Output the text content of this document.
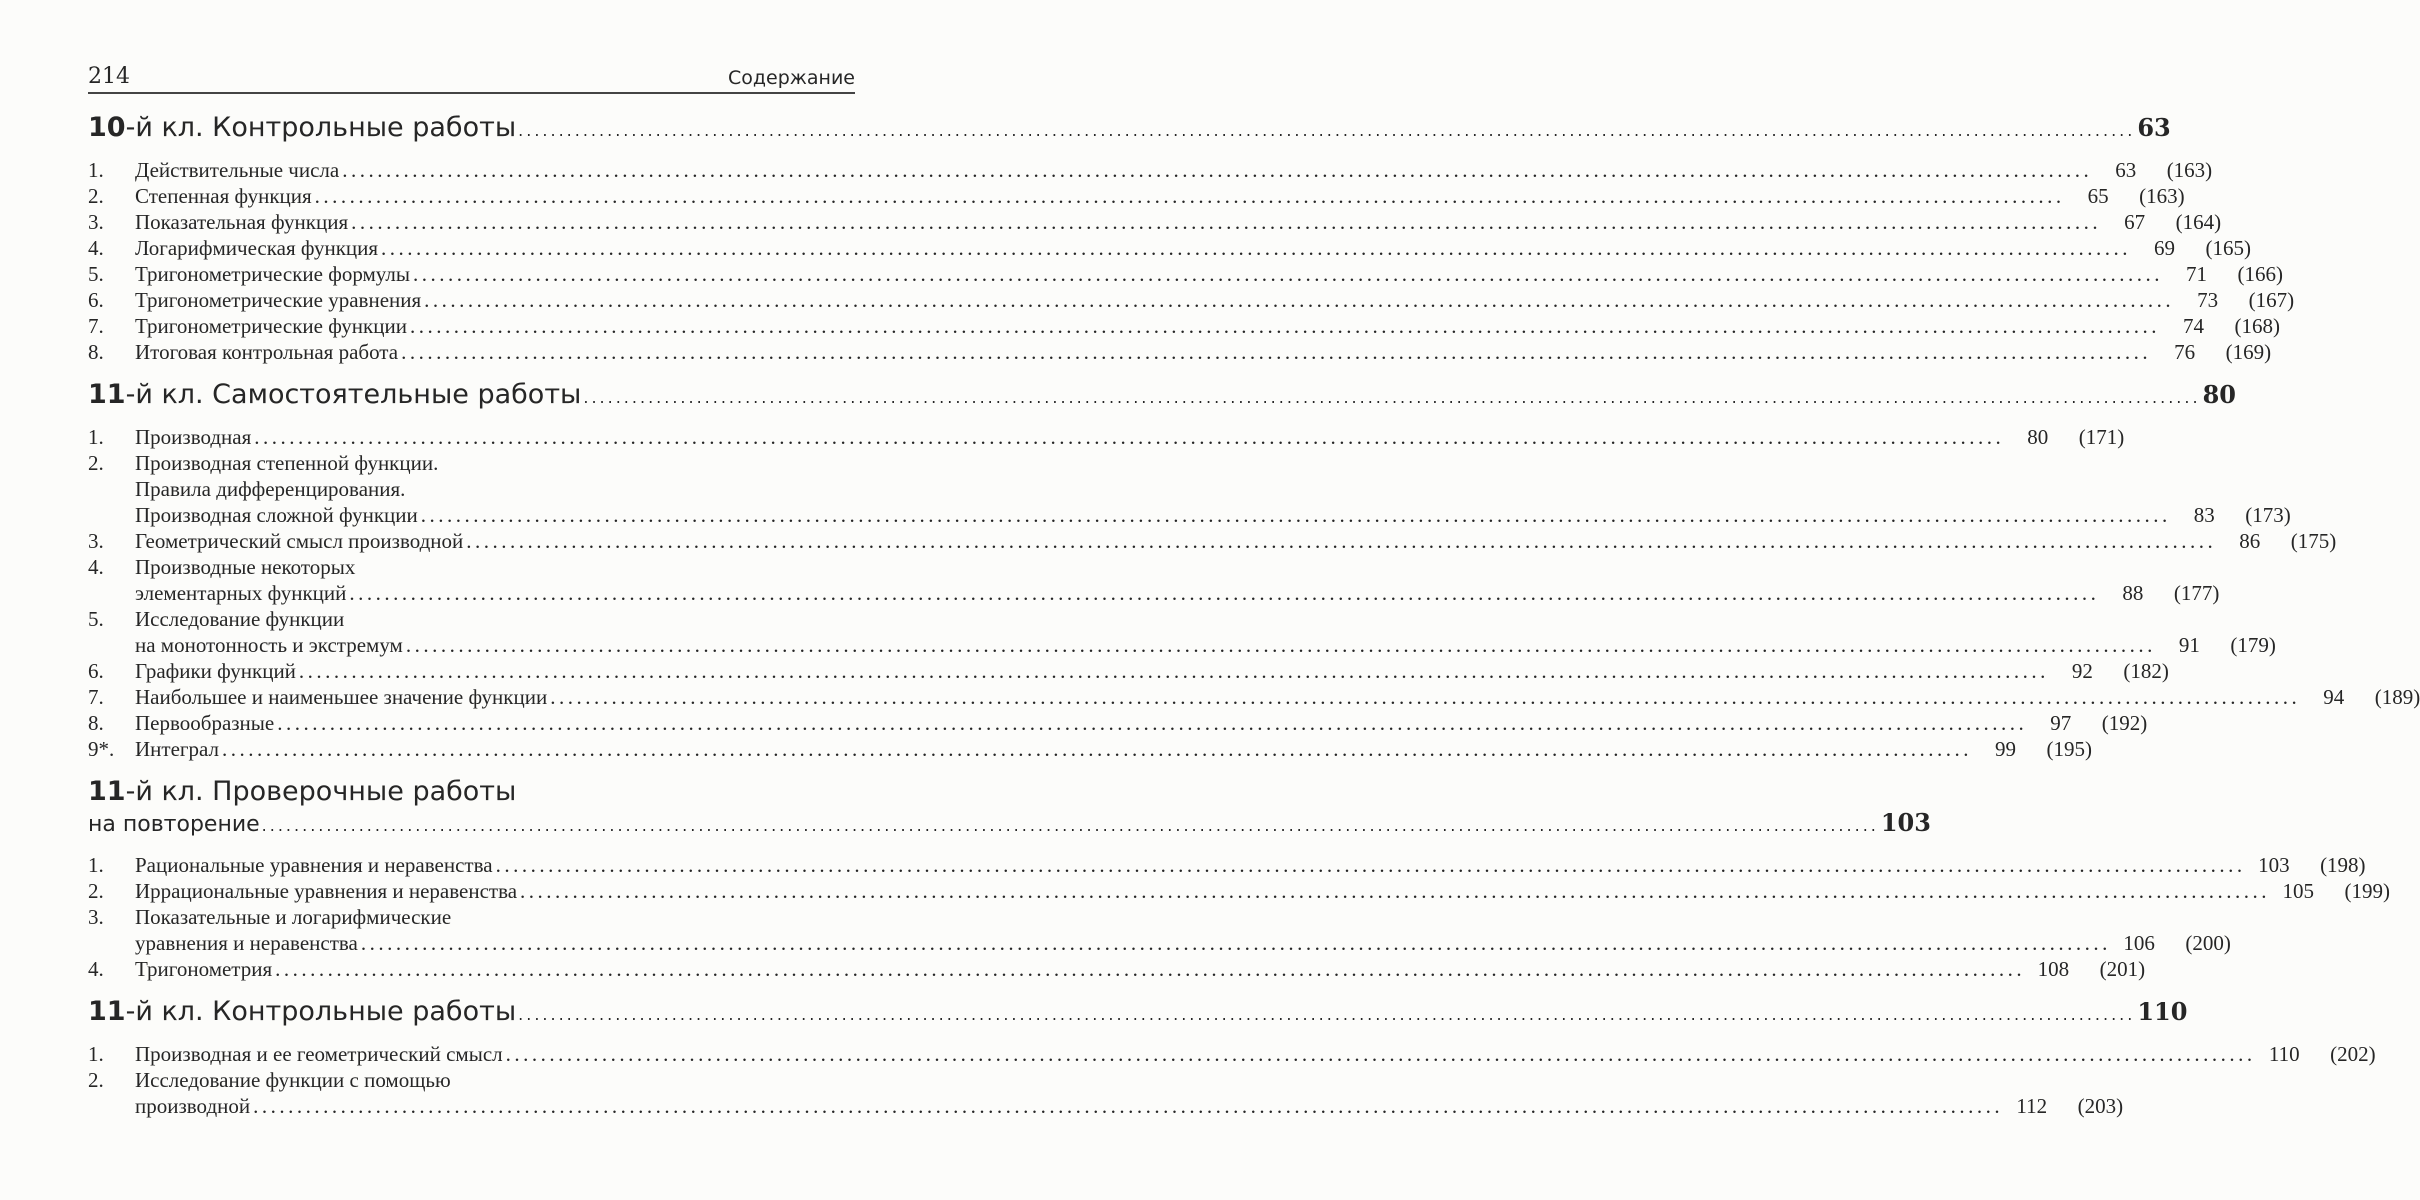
214	Содержание
10-й кл. Контрольные работы ........................................................................................................................................................................................................ 63
1.	Действительные числа ........................................................................................................................................................................................................	63	(163)
2.	Степенная функция ........................................................................................................................................................................................................	65	(163)
3.	Показательная функция ........................................................................................................................................................................................................	67	(164)
4.	Логарифмическая функция ........................................................................................................................................................................................................	69	(165)
5.	Тригонометрические формулы ........................................................................................................................................................................................................	71	(166)
6.	Тригонометрические уравнения ........................................................................................................................................................................................................	73	(167)
7.	Тригонометрические функции ........................................................................................................................................................................................................	74	(168)
8.	Итоговая контрольная работа ........................................................................................................................................................................................................	76	(169)
11-й кл. Самостоятельные работы ........................................................................................................................................................................................................ 80
1.	Производная ........................................................................................................................................................................................................	80	(171)
2.	Производная степенной функции.
Правила дифференцирования.
Производная сложной функции ........................................................................................................................................................................................................	83	(173)
3.	Геометрический смысл производной ........................................................................................................................................................................................................	86	(175)
4.	Производные некоторых
элементарных функций ........................................................................................................................................................................................................	88	(177)
5.	Исследование функции
на монотонность и экстремум ........................................................................................................................................................................................................	91	(179)
6.	Графики функций ........................................................................................................................................................................................................	92	(182)
7.	Наибольшее и наименьшее значение функции ........................................................................................................................................................................................................	94	(189)
8.	Первообразные ........................................................................................................................................................................................................	97	(192)
9*. Интеграл ........................................................................................................................................................................................................	99	(195)
11-й кл. Проверочные работы
на повторение ........................................................................................................................................................................................................ 103
1.	Рациональные уравнения и неравенства ........................................................................................................................................................................................................ 103	(198)
2.	Иррациональные уравнения и неравенства ........................................................................................................................................................................................................ 105	(199)
3.	Показательные и логарифмические
уравнения и неравенства ........................................................................................................................................................................................................ 106	(200)
4.	Тригонометрия ........................................................................................................................................................................................................ 108	(201)
11-й кл. Контрольные работы ........................................................................................................................................................................................................ 110
1.	Производная и ее геометрический смысл ........................................................................................................................................................................................................ 110	(202)
2.	Исследование функции с помощью
производной ........................................................................................................................................................................................................ 112	(203)
